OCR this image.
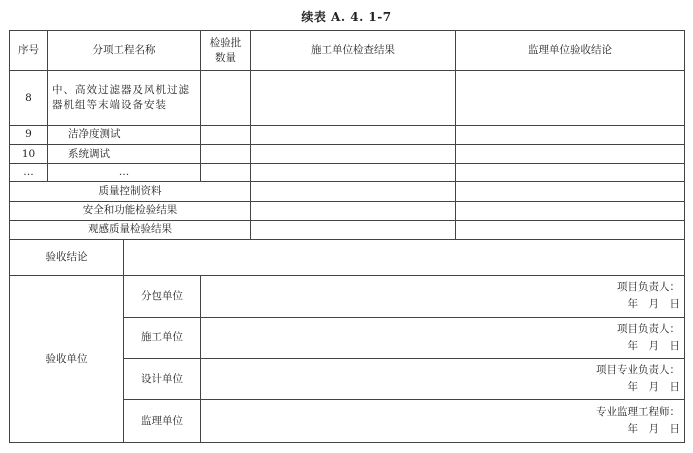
续表 A. 4. 1-7
序号	分项工程名称		检验批数量	施工单位检查结果	监理单位验收结论
8	中、高效过滤器及风机过滤器机组等末端设备安装				
9	洁净度测试				
10	系统调试				
…	…				
质量控制资料					
安全和功能检验结果					
观感质量检验结果					
验收结论					
验收单位		分包单位	项目负责人：
年　月　日		

		施工单位	项目负责人：
年　月　日		

		设计单位	项目专业负责人：
年　月　日		

		监理单位	专业监理工程师：
年　月　日		
